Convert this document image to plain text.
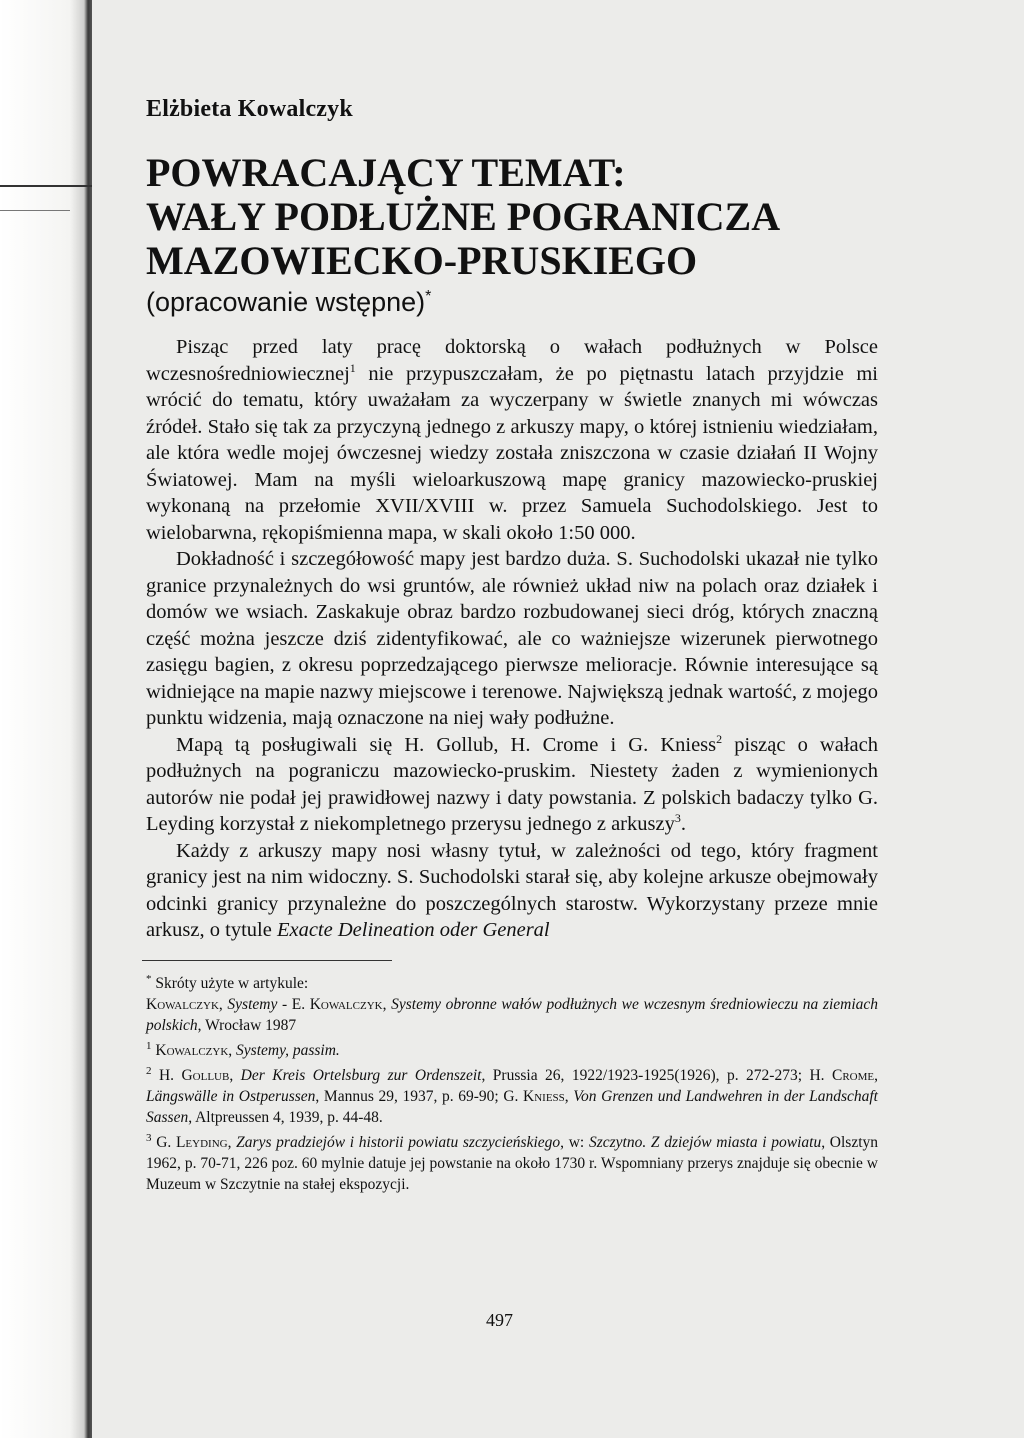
Elżbieta Kowalczyk
POWRACAJĄCY TEMAT:
WAŁY PODŁUŻNE POGRANICZA
MAZOWIECKO-PRUSKIEGO
(opracowanie wstępne)*

Pisząc przed laty pracę doktorską o wałach podłużnych w Polsce wczesnośredniowiecznej$^1$ nie przypuszczałam, że po piętnastu latach przyjdzie mi wrócić do tematu, który uważałam za wyczerpany w świetle znanych mi wówczas źródeł. Stało się tak za przyczyną jednego z arkuszy mapy, o której istnieniu wiedziałam, ale która wedle mojej ówczesnej wiedzy została zniszczona w czasie działań II Wojny Światowej. Mam na myśli wieloarkuszową mapę granicy mazowiecko-pruskiej wykonaną na przełomie XVII/XVIII w. przez Samuela Suchodolskiego. Jest to wielobarwna, rękopiśmienna mapa, w skali około 1:50 000.

Dokładność i szczegółowość mapy jest bardzo duża. S. Suchodolski ukazał nie tylko granice przynależnych do wsi gruntów, ale również układ niw na polach oraz działek i domów we wsiach. Zaskakuje obraz bardzo rozbudowanej sieci dróg, których znaczną część można jeszcze dziś zidentyfikować, ale co ważniejsze wizerunek pierwotnego zasięgu bagien, z okresu poprzedzającego pierwsze melioracje. Równie interesujące są widniejące na mapie nazwy miejscowe i terenowe. Największą jednak wartość, z mojego punktu widzenia, mają oznaczone na niej wały podłużne.

Mapą tą posługiwali się H. Gollub, H. Crome i G. Kniess$^2$ pisząc o wałach podłużnych na pograniczu mazowiecko-pruskim. Niestety żaden z wymienionych autorów nie podał jej prawidłowej nazwy i daty powstania. Z polskich badaczy tylko G. Leyding korzystał z niekompletnego przerysu jednego z arkuszy$^3$.

Każdy z arkuszy mapy nosi własny tytuł, w zależności od tego, który fragment granicy jest na nim widoczny. S. Suchodolski starał się, aby kolejne arkusze obejmowały odcinki granicy przynależne do poszczególnych starostw. Wykorzystany przeze mnie arkusz, o tytule Exacte Delineation oder General

* Skróty użyte w artykule:

Kowalczyk, Systemy - E. Kowalczyk, Systemy obronne wałów podłużnych we wczesnym średniowieczu na ziemiach polskich, Wrocław 1987

$^1$ Kowalczyk, Systemy, passim.

$^2$ H. Gollub, Der Kreis Ortelsburg zur Ordenszeit, Prussia 26, 1922/1923-1925(1926), p. 272-273; H. Crome, Längswälle in Ostperussen, Mannus 29, 1937, p. 69-90; G. Kniess, Von Grenzen und Landwehren in der Landschaft Sassen, Altpreussen 4, 1939, p. 44-48.

$^3$ G. Leyding, Zarys pradziejów i historii powiatu szczycieńskiego, w: Szczytno. Z dziejów miasta i powiatu, Olsztyn 1962, p. 70-71, 226 poz. 60 mylnie datuje jej powstanie na około 1730 r. Wspomniany przerys znajduje się obecnie w Muzeum w Szczytnie na stałej ekspozycji.

497
